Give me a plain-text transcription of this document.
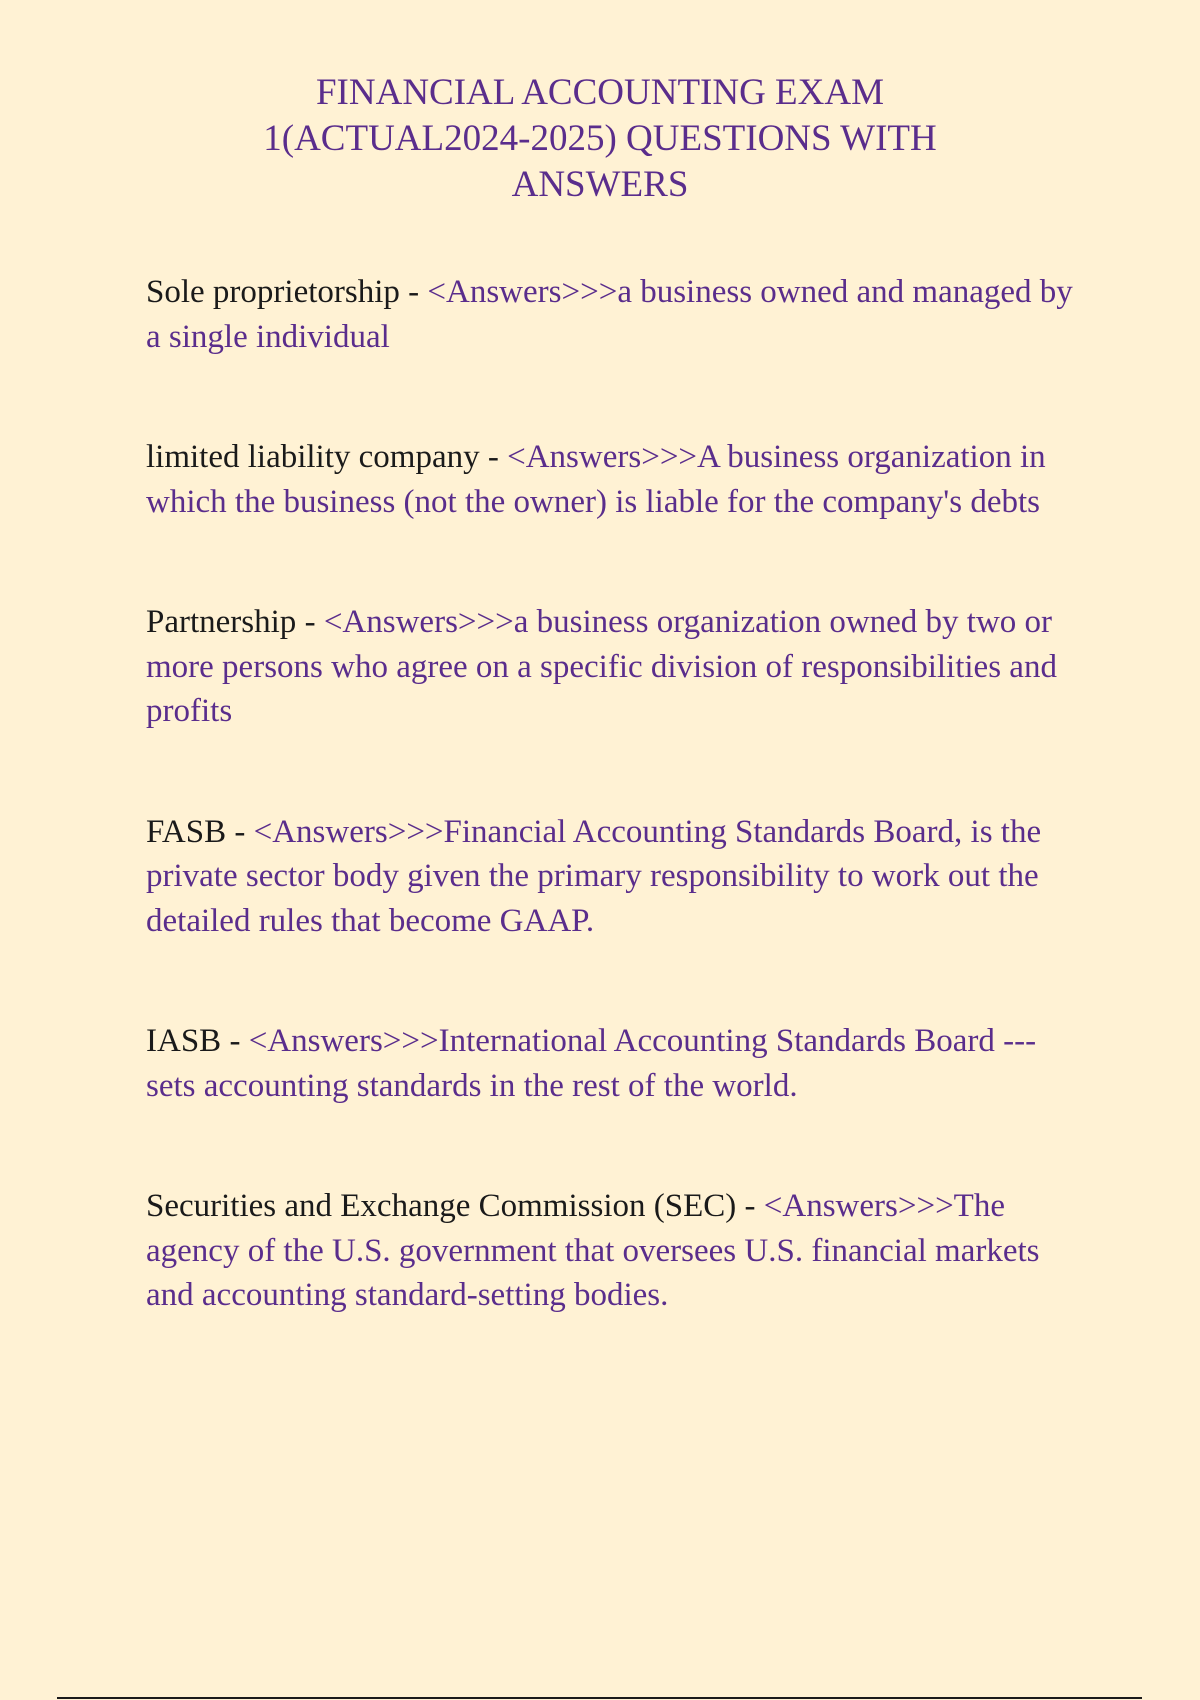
FINANCIAL ACCOUNTING EXAM
1(ACTUAL2024-2025) QUESTIONS WITH
ANSWERS

Sole proprietorship - <Answers>>>a business owned and managed by a single individual

limited liability company - <Answers>>>A business organization in which the business (not the owner) is liable for the company's debts

Partnership - <Answers>>>a business organization owned by two or more persons who agree on a specific division of responsibilities and profits

FASB - <Answers>>>Financial Accounting Standards Board, is the private sector body given the primary responsibility to work out the detailed rules that become GAAP.

IASB - <Answers>>>International Accounting Standards Board --- sets accounting standards in the rest of the world.

Securities and Exchange Commission (SEC) - <Answers>>>The agency of the U.S. government that oversees U.S. financial markets and accounting standard-setting bodies.
